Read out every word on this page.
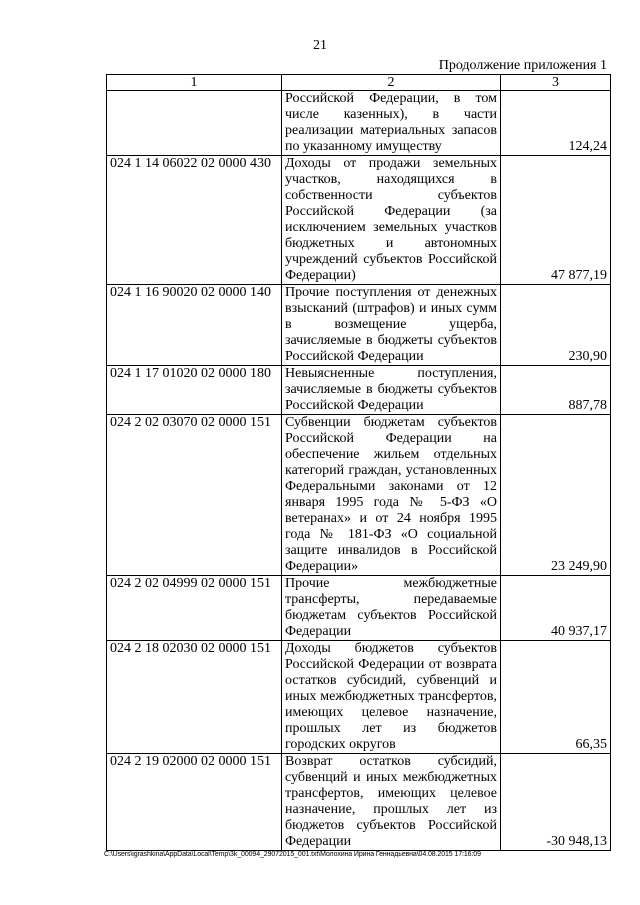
21
Продолжение приложения 1
1	2	3
	Российской Федерации, в том числе казенных), в части реализации материальных запасов по указанному имуществу	124,24
024 1 14 06022 02 0000 430	Доходы от продажи земельных участков, находящихся в собственности субъектов Российской Федерации (за исключением земельных участков бюджетных и автономных учреждений субъектов Российской Федерации)	47 877,19
024 1 16 90020 02 0000 140	Прочие поступления от денежных взысканий (штрафов) и иных сумм в возмещение ущерба, зачисляемые в бюджеты субъектов Российской Федерации	230,90
024 1 17 01020 02 0000 180	Невыясненные поступления, зачисляемые в бюджеты субъектов Российской Федерации	887,78
024 2 02 03070 02 0000 151	Субвенции бюджетам субъектов Российской Федерации на обеспечение жильем отдельных категорий граждан, установленных Федеральными законами от 12 января 1995 года № 5-ФЗ «О ветеранах» и от 24 ноября 1995 года № 181-ФЗ «О социальной защите инвалидов в Российской Федерации»	23 249,90
024 2 02 04999 02 0000 151	Прочие межбюджетные трансферты, передаваемые бюджетам субъектов Российской Федерации	40 937,17
024 2 18 02030 02 0000 151	Доходы бюджетов субъектов Российской Федерации от возврата остатков субсидий, субвенций и иных межбюджетных трансфертов, имеющих целевое назначение, прошлых лет из бюджетов городских округов	66,35
024 2 19 02000 02 0000 151	Возврат остатков субсидий, субвенций и иных межбюджетных трансфертов, имеющих целевое назначение, прошлых лет из бюджетов субъектов Российской Федерации	-30 948,13
C:\Users\igrashkina\AppData\Local\Temp\3k_00094_29072015_001.txt\Молохина Ирина Геннадьевна\04.08.2015 17:16:09
